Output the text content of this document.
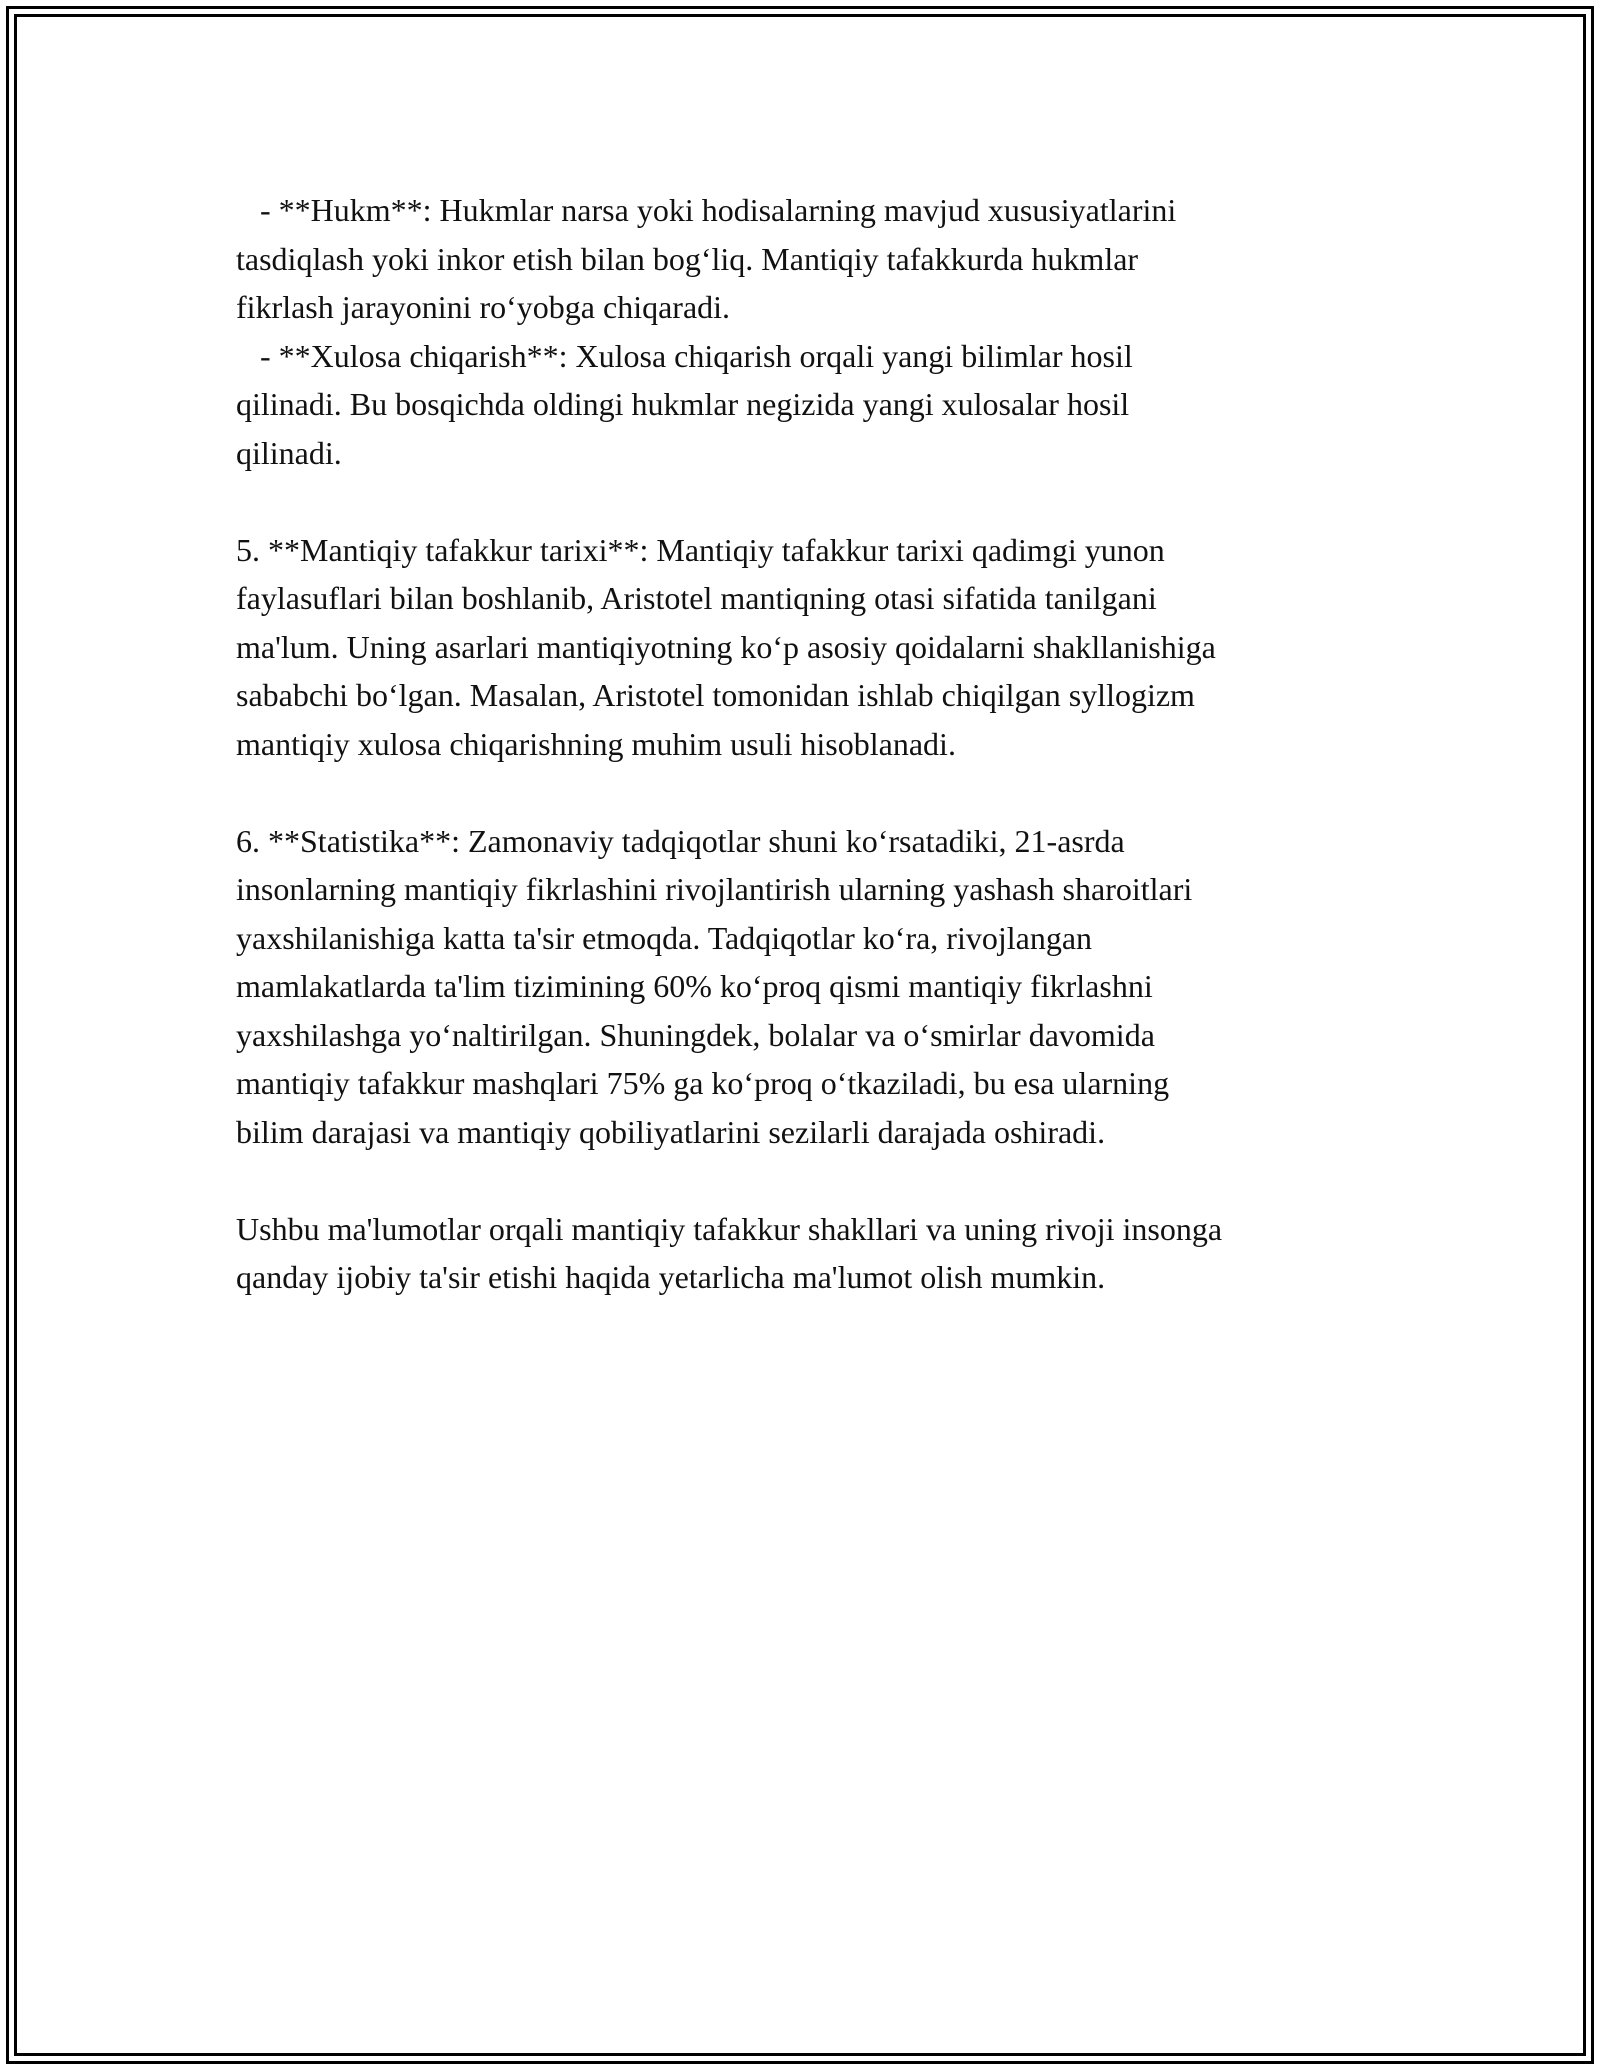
- **Hukm**: Hukmlar narsa yoki hodisalarning mavjud xususiyatlarini

tasdiqlash yoki inkor etish bilan bog‘liq. Mantiqiy tafakkurda hukmlar

fikrlash jarayonini ro‘yobga chiqaradi.

- **Xulosa chiqarish**: Xulosa chiqarish orqali yangi bilimlar hosil

qilinadi. Bu bosqichda oldingi hukmlar negizida yangi xulosalar hosil

qilinadi.

5. **Mantiqiy tafakkur tarixi**: Mantiqiy tafakkur tarixi qadimgi yunon

faylasuflari bilan boshlanib, Aristotel mantiqning otasi sifatida tanilgani

ma'lum. Uning asarlari mantiqiyotning ko‘p asosiy qoidalarni shakllanishiga

sababchi bo‘lgan. Masalan, Aristotel tomonidan ishlab chiqilgan syllogizm

mantiqiy xulosa chiqarishning muhim usuli hisoblanadi.

6. **Statistika**: Zamonaviy tadqiqotlar shuni ko‘rsatadiki, 21-asrda

insonlarning mantiqiy fikrlashini rivojlantirish ularning yashash sharoitlari

yaxshilanishiga katta ta'sir etmoqda. Tadqiqotlar ko‘ra, rivojlangan

mamlakatlarda ta'lim tizimining 60% ko‘proq qismi mantiqiy fikrlashni

yaxshilashga yo‘naltirilgan. Shuningdek, bolalar va o‘smirlar davomida

mantiqiy tafakkur mashqlari 75% ga ko‘proq o‘tkaziladi, bu esa ularning

bilim darajasi va mantiqiy qobiliyatlarini sezilarli darajada oshiradi.

Ushbu ma'lumotlar orqali mantiqiy tafakkur shakllari va uning rivoji insonga

qanday ijobiy ta'sir etishi haqida yetarlicha ma'lumot olish mumkin.
